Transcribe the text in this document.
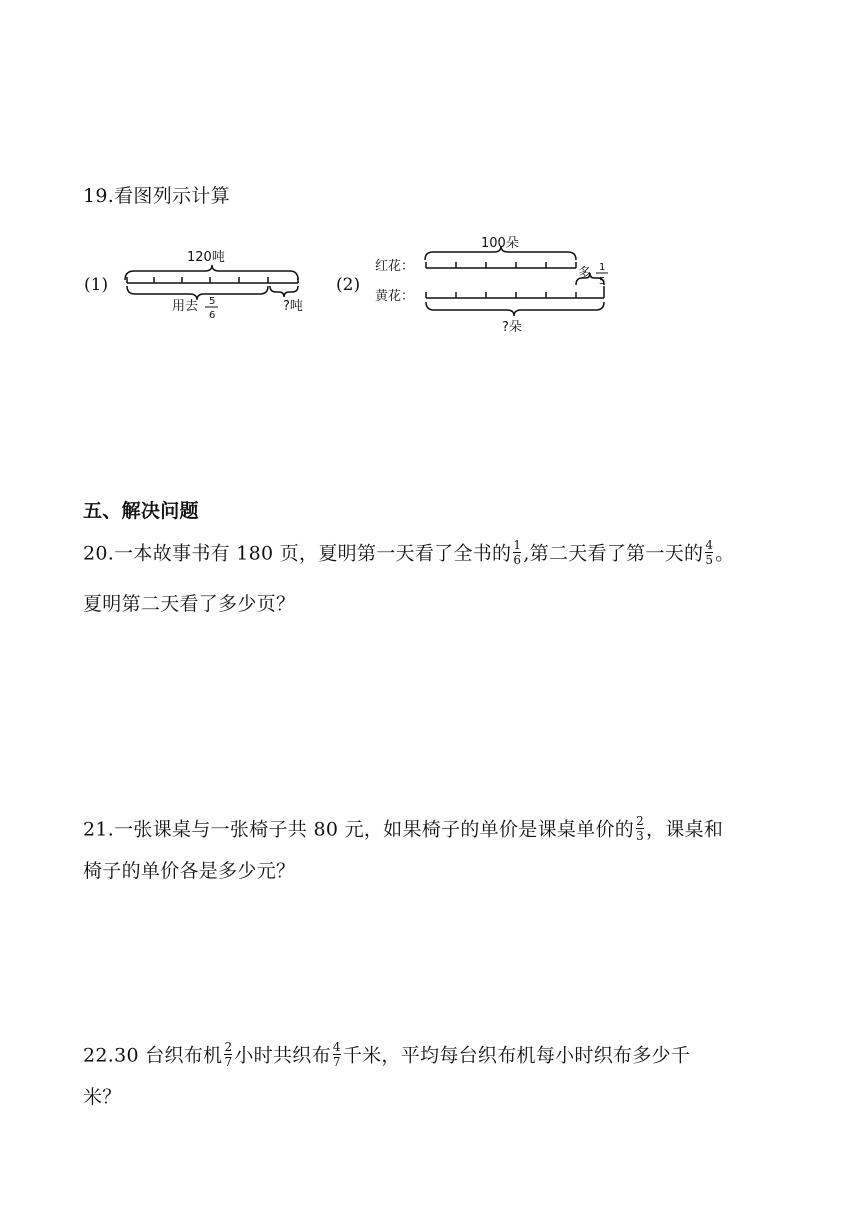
19.看图列示计算
(1)
120吨
用去 5
6
?吨
(2)
100朵
红花：	多 1
5
黄花：
?朵
五、解决问题
20.一本故事书有 180 页，夏明第一天看了全书的 $\frac{1}{6}$ ,第二天看了第一天的 $\frac{4}{5}$ 。
夏明第二天看了多少页？
21.一张课桌与一张椅子共 80 元，如果椅子的单价是课桌单价的 $\frac{2}{3}$ ，课桌和
椅子的单价各是多少元？
22.30 台织布机 $\frac{2}{7}$ 小时共织布 $\frac{4}{7}$ 千米，平均每台织布机每小时织布多少千
米？
